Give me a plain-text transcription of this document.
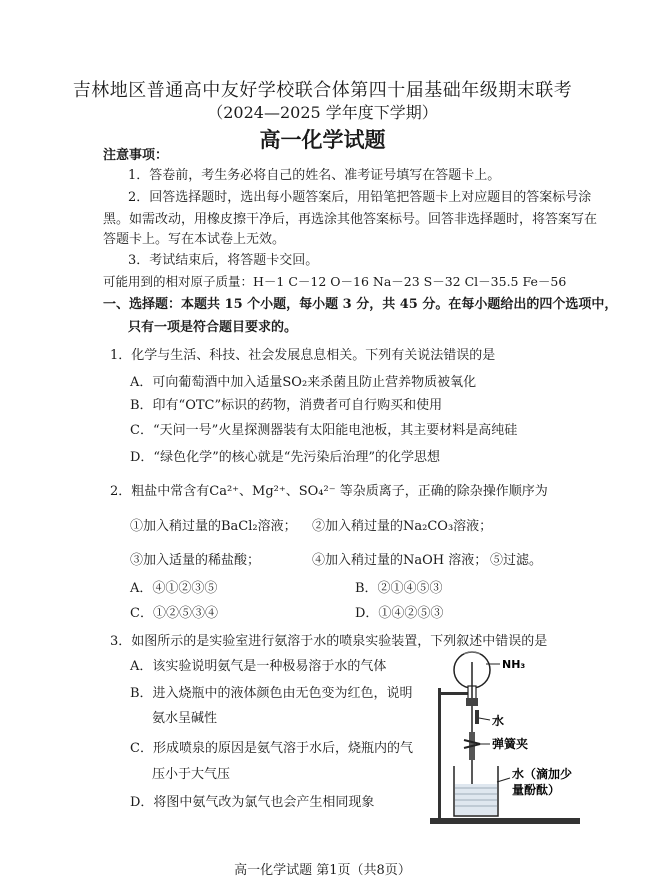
吉林地区普通高中友好学校联合体第四十届基础年级期末联考
（2024—2025 学年度下学期）
高一化学试题
注意事项：
1．答卷前，考生务必将自己的姓名、准考证号填写在答题卡上。
2．回答选择题时，选出每小题答案后，用铅笔把答题卡上对应题目的答案标号涂
黑。如需改动，用橡皮擦干净后，再选涂其他答案标号。回答非选择题时，将答案写在
答题卡上。写在本试卷上无效。
3．考试结束后，将答题卡交回。
可能用到的相对原子质量：H－1 C－12 O－16 Na－23 S－32 Cl－35.5 Fe－56
一、选择题：本题共 15 个小题，每小题 3 分，共 45 分。在每小题给出的四个选项中，
只有一项是符合题目要求的。
1．化学与生活、科技、社会发展息息相关。下列有关说法错误的是
A．可向葡萄酒中加入适量SO₂来杀菌且防止营养物质被氧化
B．印有“OTC”标识的药物，消费者可自行购买和使用
C．“天问一号”火星探测器装有太阳能电池板，其主要材料是高纯硅
D．“绿色化学”的核心就是“先污染后治理”的化学思想
2．粗盐中常含有Ca²⁺、Mg²⁺、SO₄²⁻ 等杂质离子，正确的除杂操作顺序为
①加入稍过量的BaCl₂溶液； ②加入稍过量的Na₂CO₃溶液；
③加入适量的稀盐酸；	④加入稍过量的NaOH 溶液； ⑤过滤。
A．④①②③⑤	B．②①④⑤③
C．①②⑤③④	D．①④②⑤③
3．如图所示的是实验室进行氨溶于水的喷泉实验装置，下列叙述中错误的是
A．该实验说明氨气是一种极易溶于水的气体
B．进入烧瓶中的液体颜色由无色变为红色，说明
氨水呈碱性
C．形成喷泉的原因是氨气溶于水后，烧瓶内的气
压小于大气压
D．将图中氨气改为氯气也会产生相同现象
NH₃
水
弹簧夹
水（滴加少
量酚酞）
高一化学试题 第1页（共8页）
